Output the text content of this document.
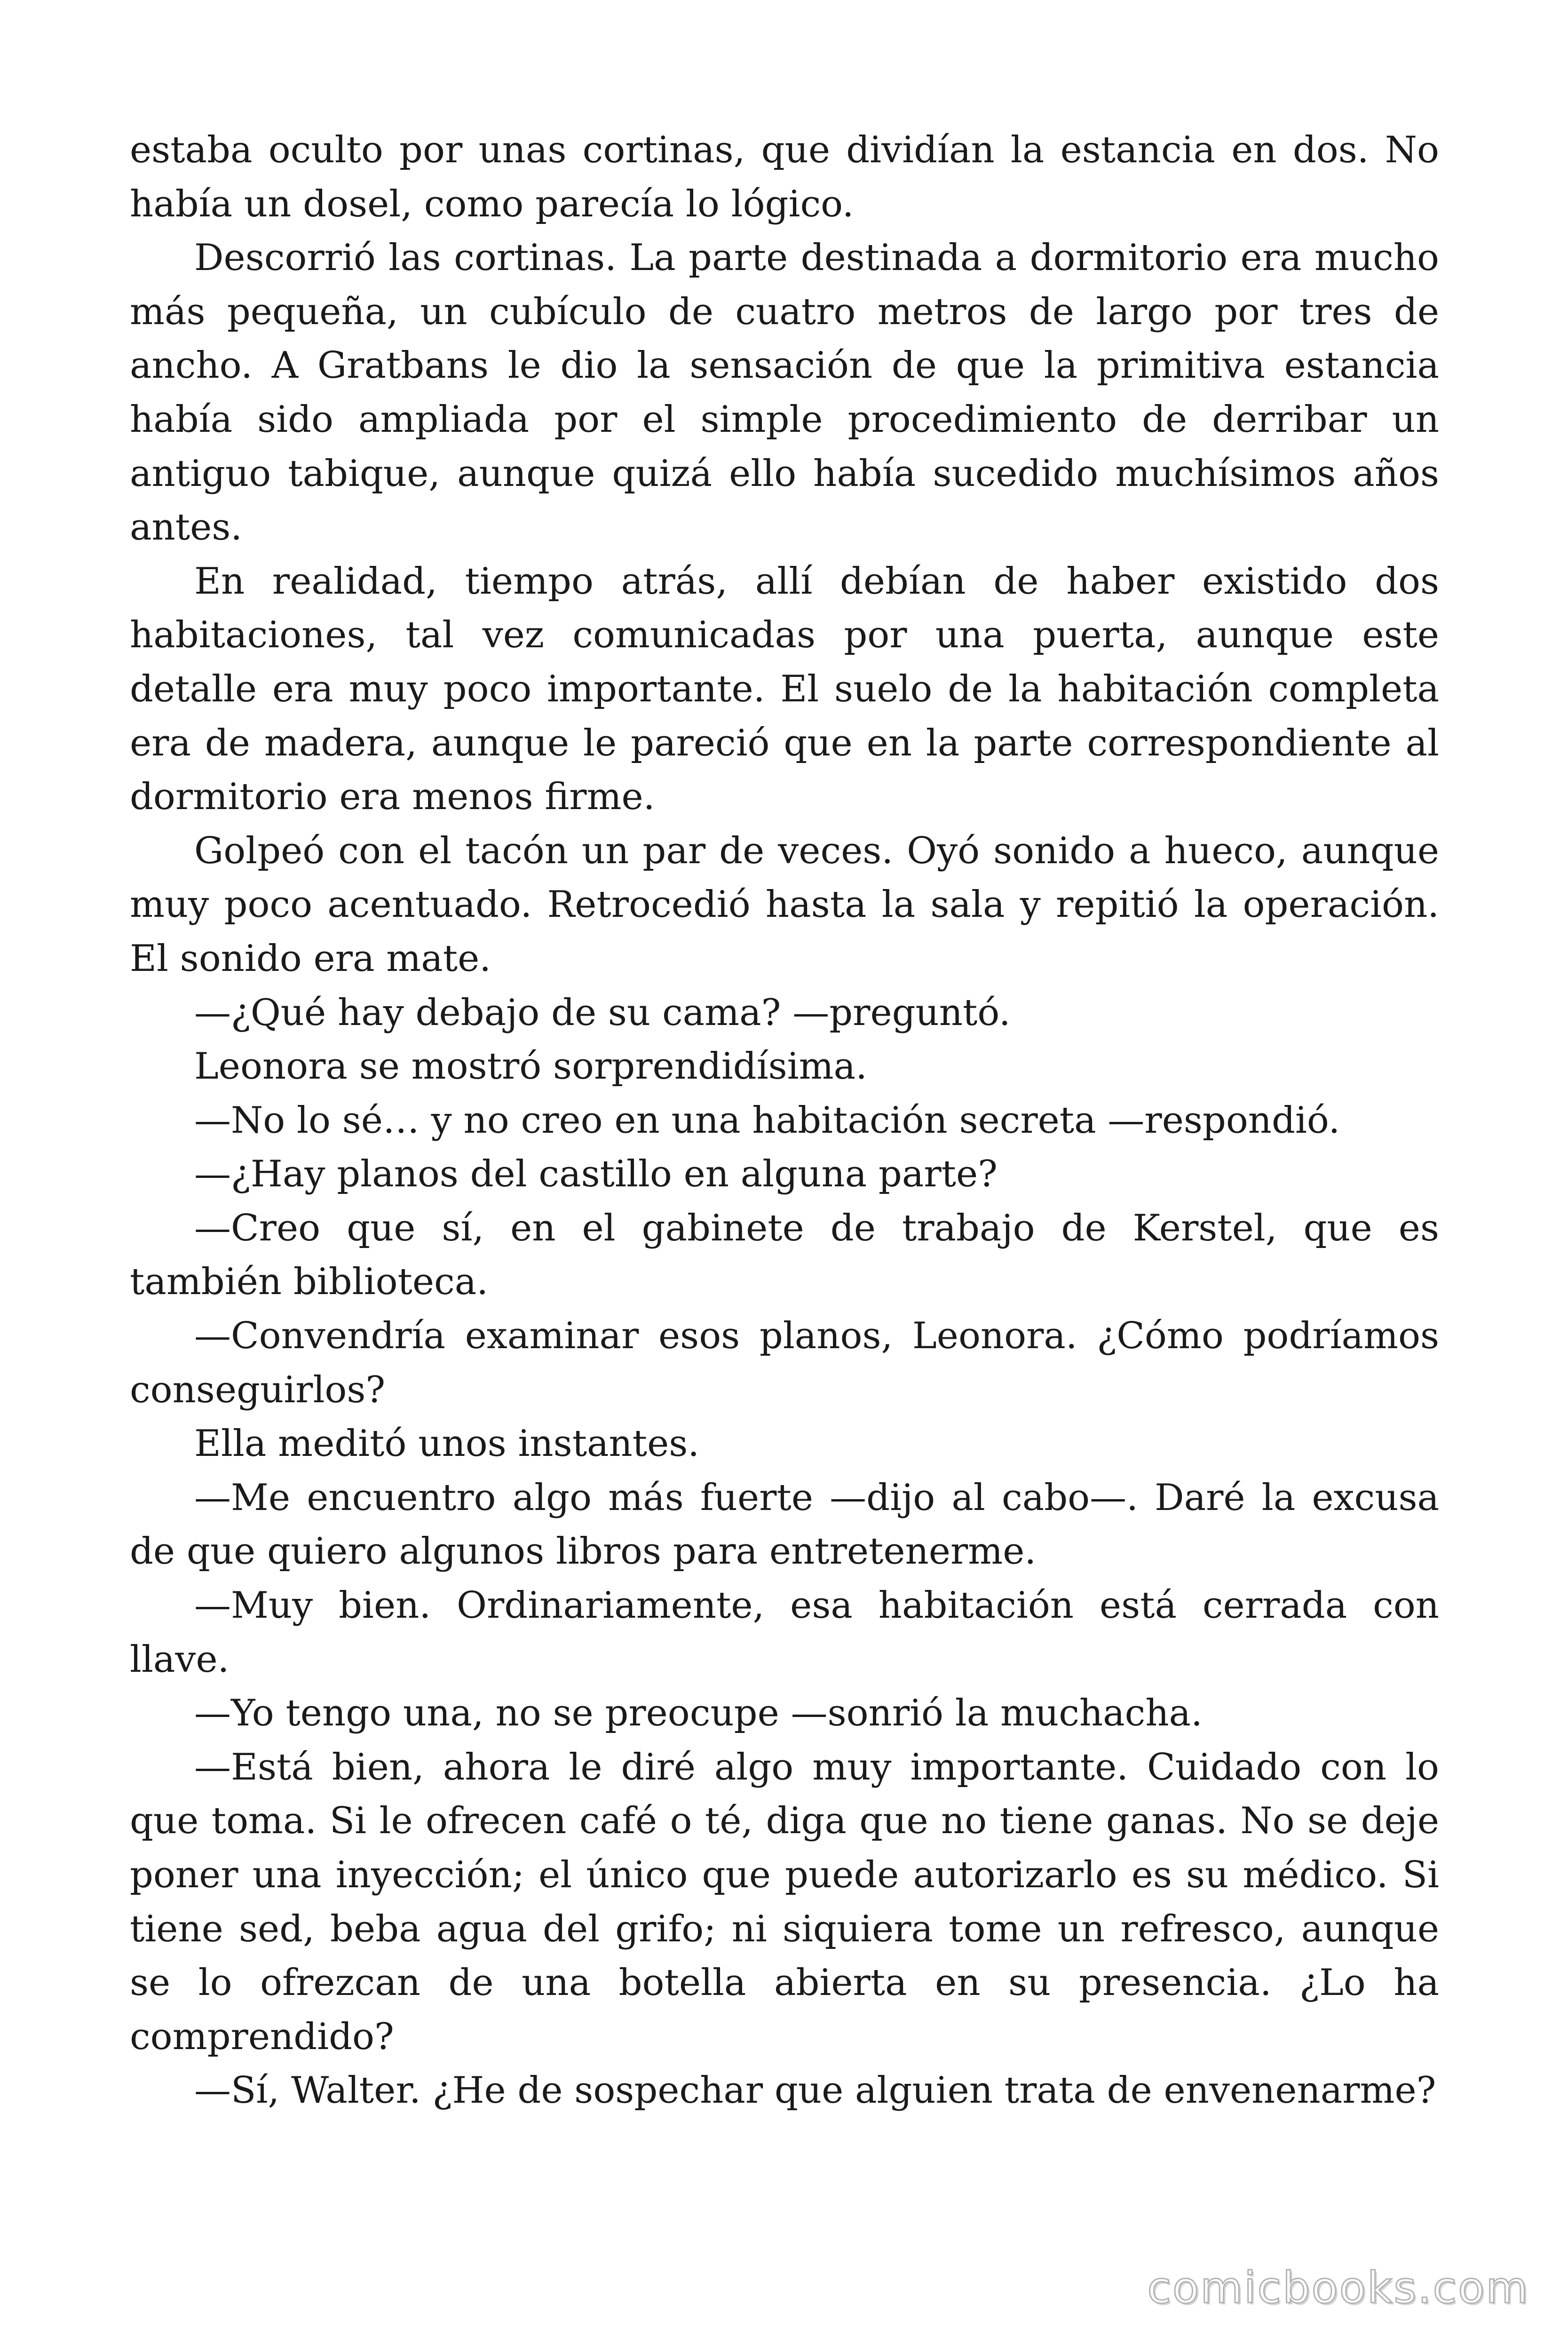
estaba oculto por unas cortinas, que dividían la estancia en dos. No había un dosel, como parecía lo lógico.

Descorrió las cortinas. La parte destinada a dormitorio era mucho más pequeña, un cubículo de cuatro metros de largo por tres de ancho. A Gratbans le dio la sensación de que la primitiva estancia había sido ampliada por el simple procedimiento de derribar un antiguo tabique, aunque quizá ello había sucedido muchísimos años antes.

En realidad, tiempo atrás, allí debían de haber existido dos habitaciones, tal vez comunicadas por una puerta, aunque este detalle era muy poco importante. El suelo de la habitación completa era de madera, aunque le pareció que en la parte correspondiente al dormitorio era menos firme.

Golpeó con el tacón un par de veces. Oyó sonido a hueco, aunque muy poco acentuado. Retrocedió hasta la sala y repitió la operación. El sonido era mate.

—¿Qué hay debajo de su cama? —preguntó.

Leonora se mostró sorprendidísima.

—No lo sé… y no creo en una habitación secreta —respondió.

—¿Hay planos del castillo en alguna parte?

—Creo que sí, en el gabinete de trabajo de Kerstel, que es también biblioteca.

—Convendría examinar esos planos, Leonora. ¿Cómo podríamos conseguirlos?

Ella meditó unos instantes.

—Me encuentro algo más fuerte —dijo al cabo—. Daré la excusa de que quiero algunos libros para entretenerme.

—Muy bien. Ordinariamente, esa habitación está cerrada con llave.

—Yo tengo una, no se preocupe —sonrió la muchacha.

—Está bien, ahora le diré algo muy importante. Cuidado con lo que toma. Si le ofrecen café o té, diga que no tiene ganas. No se deje poner una inyección; el único que puede autorizarlo es su médico. Si tiene sed, beba agua del grifo; ni siquiera tome un refresco, aunque se lo ofrezcan de una botella abierta en su presencia. ¿Lo ha comprendido?

—Sí, Walter. ¿He de sospechar que alguien trata de envenenarme?

comicbooks.com
